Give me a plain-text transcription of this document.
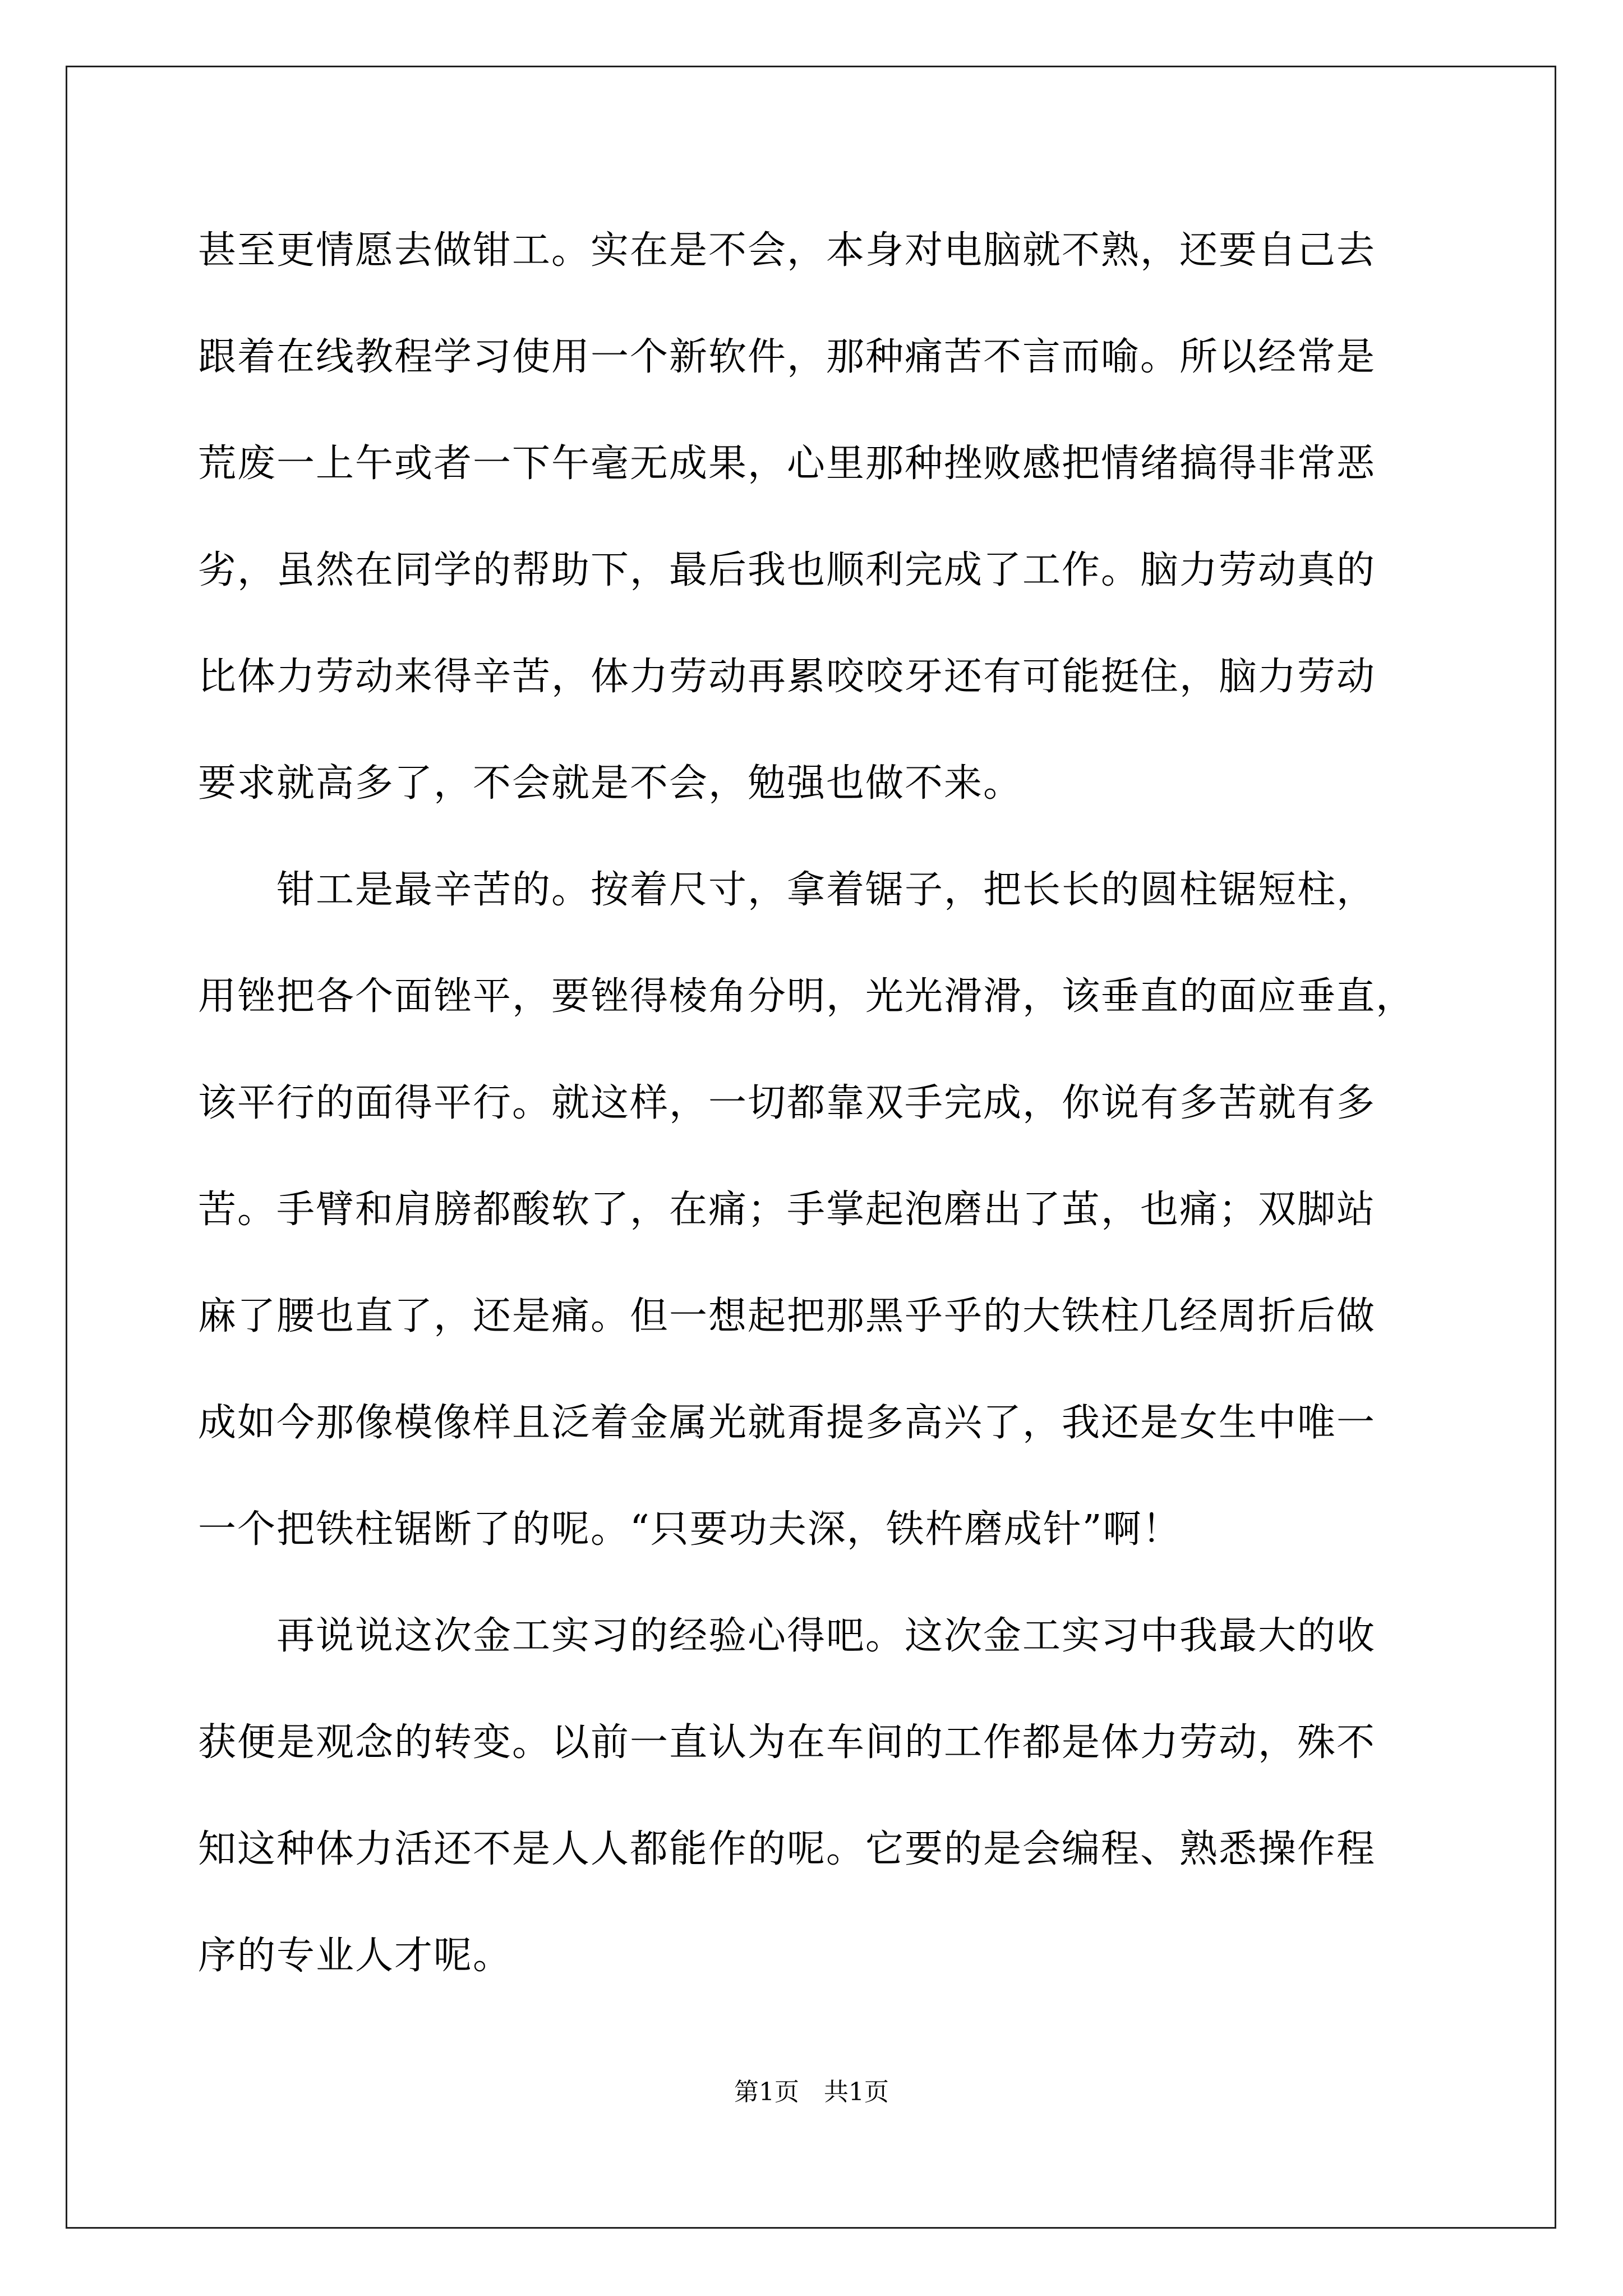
甚至更情愿去做钳工。实在是不会，本身对电脑就不熟，还要自己去
跟着在线教程学习使用一个新软件，那种痛苦不言而喻。所以经常是
荒废一上午或者一下午毫无成果，心里那种挫败感把情绪搞得非常恶
劣，虽然在同学的帮助下，最后我也顺利完成了工作。脑力劳动真的
比体力劳动来得辛苦，体力劳动再累咬咬牙还有可能挺住，脑力劳动
要求就高多了，不会就是不会，勉强也做不来。
　　钳工是最辛苦的。按着尺寸，拿着锯子，把长长的圆柱锯短柱，
用锉把各个面锉平，要锉得棱角分明，光光滑滑，该垂直的面应垂直，
该平行的面得平行。就这样，一切都靠双手完成，你说有多苦就有多
苦。手臂和肩膀都酸软了，在痛；手掌起泡磨出了茧，也痛；双脚站
麻了腰也直了，还是痛。但一想起把那黑乎乎的大铁柱几经周折后做
成如今那像模像样且泛着金属光就甭提多高兴了，我还是女生中唯一
一个把铁柱锯断了的呢。“只要功夫深，铁杵磨成针”啊！
　　再说说这次金工实习的经验心得吧。这次金工实习中我最大的收
获便是观念的转变。以前一直认为在车间的工作都是体力劳动，殊不
知这种体力活还不是人人都能作的呢。它要的是会编程、熟悉操作程
序的专业人才呢。
第1页　共1页
